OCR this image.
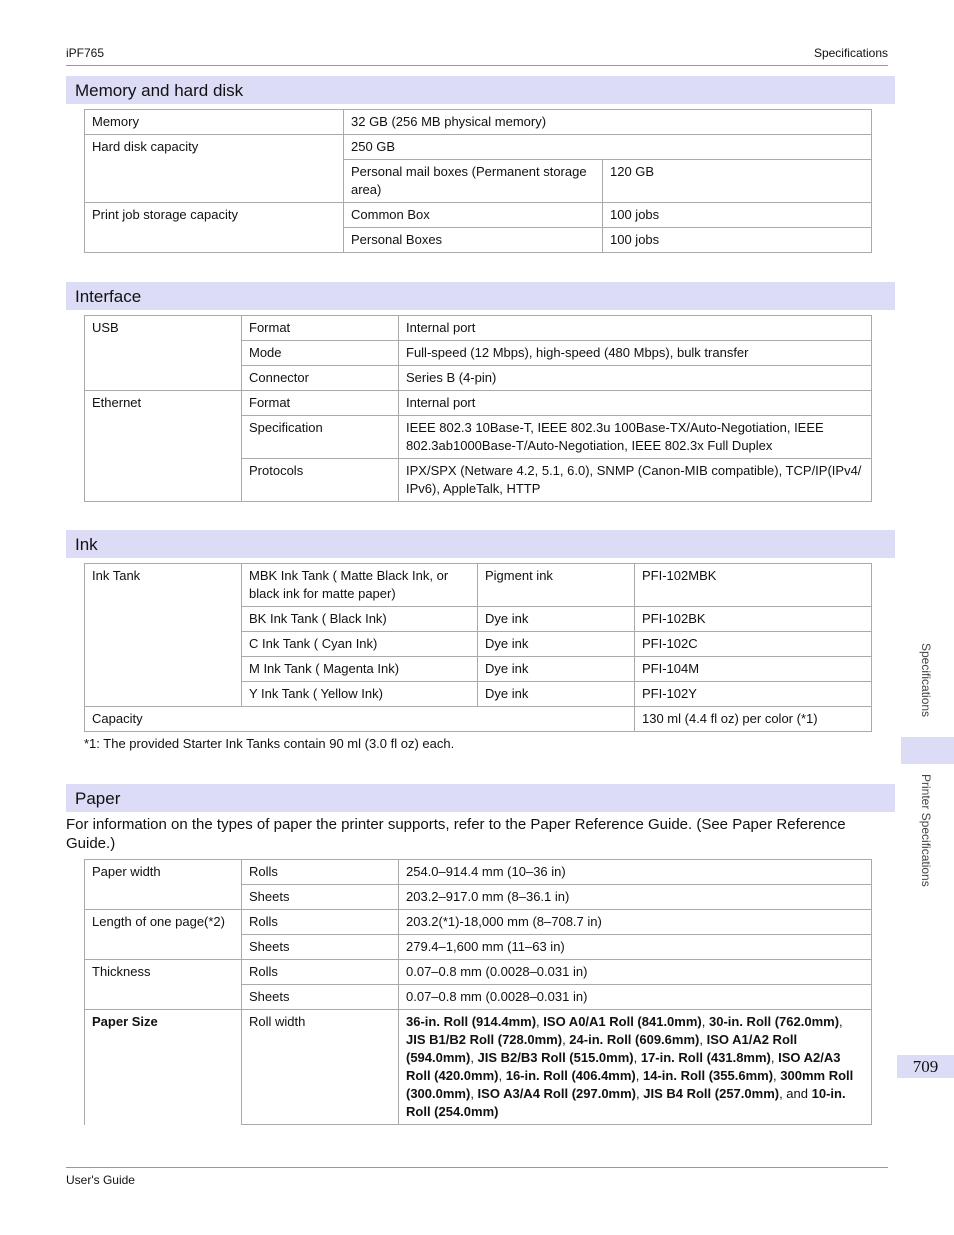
iPF765	Specifications
Memory and hard disk
Memory	32 GB (256 MB physical memory)	
Hard disk capacity	250 GB	
	Personal mail boxes (Permanent storage area)	120 GB
Print job storage capacity	Common Box	100 jobs
	Personal Boxes	100 jobs
Interface
USB	Format	Internal port
	Mode	Full-speed (12 Mbps), high-speed (480 Mbps), bulk transfer
	Connector	Series B (4-pin)
Ethernet	Format	Internal port
	Specification	IEEE 802.3 10Base-T, IEEE 802.3u 100Base-TX/Auto-Negotiation, IEEE 802.3ab1000Base-T/Auto-Negotiation, IEEE 802.3x Full Duplex
	Protocols	IPX/SPX (Netware 4.2, 5.1, 6.0), SNMP (Canon-MIB compatible), TCP/IP(IPv4/ IPv6), AppleTalk, HTTP
Ink
Ink Tank	MBK Ink Tank ( Matte Black Ink, or black ink for matte paper)	Pigment ink	PFI-102MBK
	BK Ink Tank ( Black Ink)	Dye ink	PFI-102BK
	C Ink Tank ( Cyan Ink)	Dye ink	PFI-102C
	M Ink Tank ( Magenta Ink)	Dye ink	PFI-104M
	Y Ink Tank ( Yellow Ink)	Dye ink	PFI-102Y
Capacity			130 ml (4.4 fl oz) per color (*1)
*1: The provided Starter Ink Tanks contain 90 ml (3.0 fl oz) each.
Paper
For information on the types of paper the printer supports, refer to the Paper Reference Guide. (See Paper Reference Guide.)
Paper width	Rolls	254.0–914.4 mm (10–36 in)
	Sheets	203.2–917.0 mm (8–36.1 in)
Length of one page(*2)	Rolls	203.2(*1)-18,000 mm (8–708.7 in)
	Sheets	279.4–1,600 mm (11–63 in)
Thickness	Rolls	0.07–0.8 mm (0.0028–0.031 in)
	Sheets	0.07–0.8 mm (0.0028–0.031 in)
Paper Size	Roll width	36-in. Roll (914.4mm), ISO A0/A1 Roll (841.0mm), 30-in. Roll (762.0mm), JIS B1/B2 Roll (728.0mm), 24-in. Roll (609.6mm), ISO A1/A2 Roll (594.0mm), JIS B2/B3 Roll (515.0mm), 17-in. Roll (431.8mm), ISO A2/A3 Roll (420.0mm), 16-in. Roll (406.4mm), 14-in. Roll (355.6mm), 300mm Roll (300.0mm), ISO A3/A4 Roll (297.0mm), JIS B4 Roll (257.0mm), and 10-in. Roll (254.0mm)
Specifications
Printer Specifications
709
User's Guide
